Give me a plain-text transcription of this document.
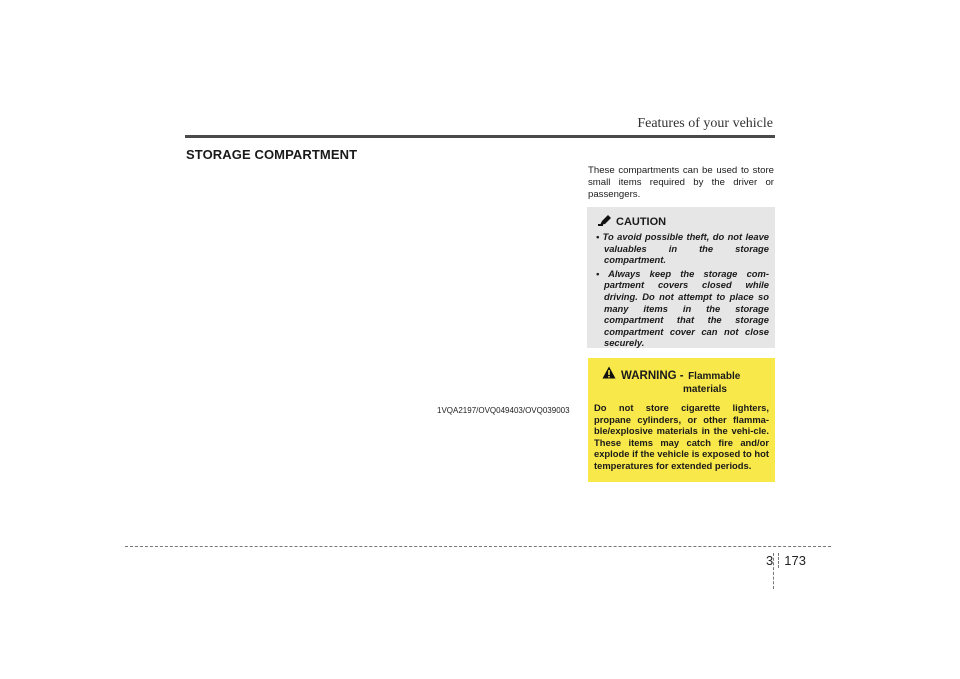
Features of your vehicle
STORAGE COMPARTMENT
1VQA2197/OVQ049403/OVQ039003
These compartments can be used to store small items required by the driver or passengers.
CAUTION
• To avoid possible theft, do not leave valuables in the storage compartment.
• Always keep the storage com-partment covers closed while driving. Do not attempt to place so many items in the storage compartment that the storage compartment cover can not close securely.
WARNING - Flammable
materials
Do not store cigarette lighters, propane cylinders, or other flamma-ble/explosive materials in the vehi-cle. These items may catch fire and/or explode if the vehicle is exposed to hot temperatures for extended periods.
3 173
